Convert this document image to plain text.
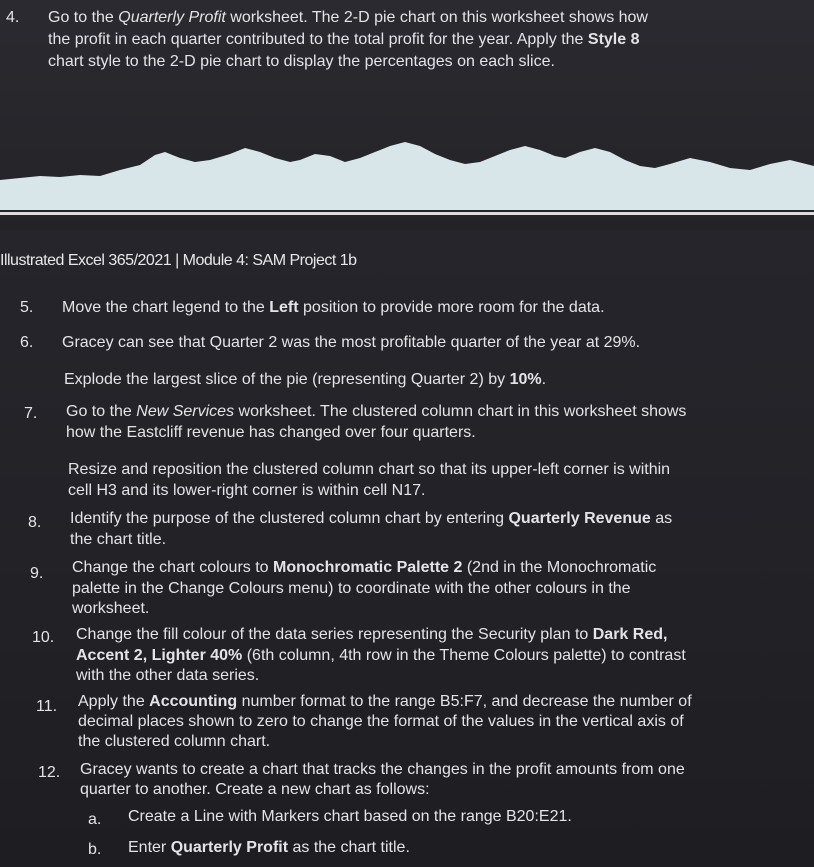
4. Go to the Quarterly Profit worksheet. The 2-D pie chart on this worksheet shows how
the profit in each quarter contributed to the total profit for the year. Apply the Style 8
chart style to the 2-D pie chart to display the percentages on each slice.
Illustrated Excel 365/2021 | Module 4: SAM Project 1b
5. Move the chart legend to the Left position to provide more room for the data.
6. Gracey can see that Quarter 2 was the most profitable quarter of the year at 29%.
Explode the largest slice of the pie (representing Quarter 2) by 10%.
7. Go to the New Services worksheet. The clustered column chart in this worksheet shows
how the Eastcliff revenue has changed over four quarters.
Resize and reposition the clustered column chart so that its upper-left corner is within
cell H3 and its lower-right corner is within cell N17.
8. Identify the purpose of the clustered column chart by entering Quarterly Revenue as
the chart title.
9. Change the chart colours to Monochromatic Palette 2 (2nd in the Monochromatic
palette in the Change Colours menu) to coordinate with the other colours in the
worksheet.
10. Change the fill colour of the data series representing the Security plan to Dark Red,
Accent 2, Lighter 40% (6th column, 4th row in the Theme Colours palette) to contrast
with the other data series.
11. Apply the Accounting number format to the range B5:F7, and decrease the number of
decimal places shown to zero to change the format of the values in the vertical axis of
the clustered column chart.
12. Gracey wants to create a chart that tracks the changes in the profit amounts from one
quarter to another. Create a new chart as follows:
a. Create a Line with Markers chart based on the range B20:E21.
b. Enter Quarterly Profit as the chart title.
